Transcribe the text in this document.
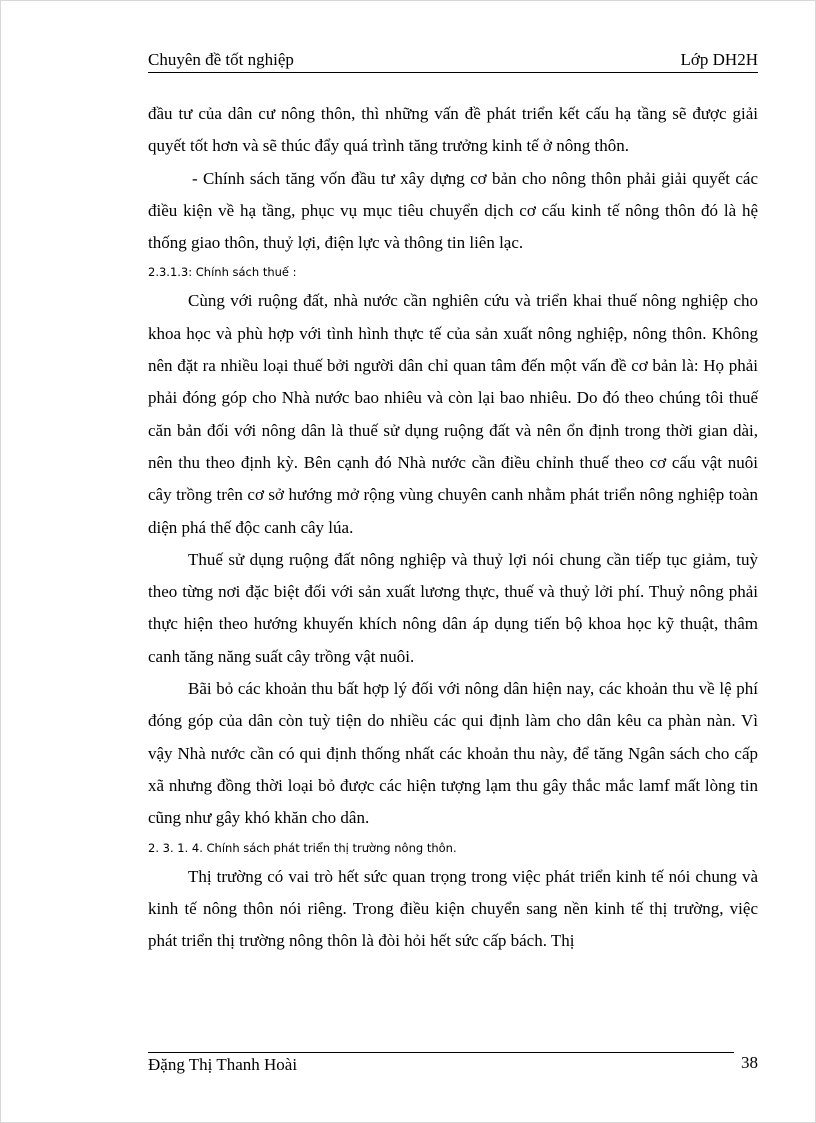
Chuyên đề tốt nghiệp	Lớp DH2H

đầu tư của dân cư nông thôn, thì những vấn đề phát triển kết cấu hạ tầng sẽ được giải quyết tốt hơn và sẽ thúc đẩy quá trình tăng trưởng kinh tế ở nông thôn.

- Chính sách tăng vốn đầu tư xây dựng cơ bản cho nông thôn phải giải quyết các điều kiện về hạ tầng, phục vụ mục tiêu chuyển dịch cơ cấu kinh tế nông thôn đó là hệ thống giao thôn, thuỷ lợi, điện lực và thông tin liên lạc.

2.3.1.3: Chính sách thuế :

Cùng với ruộng đất, nhà nước cần nghiên cứu và triển khai thuế nông nghiệp cho khoa học và phù hợp với tình hình thực tế của sản xuất nông nghiệp, nông thôn. Không nên đặt ra nhiều loại thuế bởi người dân chỉ quan tâm đến một vấn đề cơ bản là: Họ phải phải đóng góp cho Nhà nước bao nhiêu và còn lại bao nhiêu. Do đó theo chúng tôi thuế căn bản đối với nông dân là thuế sử dụng ruộng đất và nên ổn định trong thời gian dài, nên thu theo định kỳ. Bên cạnh đó Nhà nước cần điều chỉnh thuế theo cơ cấu vật nuôi cây trồng trên cơ sở hướng mở rộng vùng chuyên canh nhằm phát triển nông nghiệp toàn diện phá thế độc canh cây lúa.

Thuế sử dụng ruộng đất nông nghiệp và thuỷ lợi nói chung cần tiếp tục giảm, tuỳ theo từng nơi đặc biệt đối với sản xuất lương thực, thuế và thuỷ lởi phí. Thuỷ nông phải thực hiện theo hướng khuyến khích nông dân áp dụng tiến bộ khoa học kỹ thuật, thâm canh tăng năng suất cây trồng vật nuôi.

Bãi bỏ các khoản thu bất hợp lý đối với nông dân hiện nay, các khoản thu về lệ phí đóng góp của dân còn tuỳ tiện do nhiều các qui định làm cho dân kêu ca phàn nàn. Vì vậy Nhà nước cần có qui định thống nhất các khoản thu này, để tăng Ngân sách cho cấp xã nhưng đồng thời loại bỏ được các hiện tượng lạm thu gây thắc mắc lamf mất lòng tin cũng như gây khó khăn cho dân.

2. 3. 1. 4. Chính sách phát triển thị trường nông thôn.

Thị trường có vai trò hết sức quan trọng trong việc phát triển kinh tế nói chung và kinh tế nông thôn nói riêng. Trong điều kiện chuyển sang nền kinh tế thị trường, việc phát triển thị trường nông thôn là đòi hỏi hết sức cấp bách. Thị

Đặng Thị Thanh Hoài	38
